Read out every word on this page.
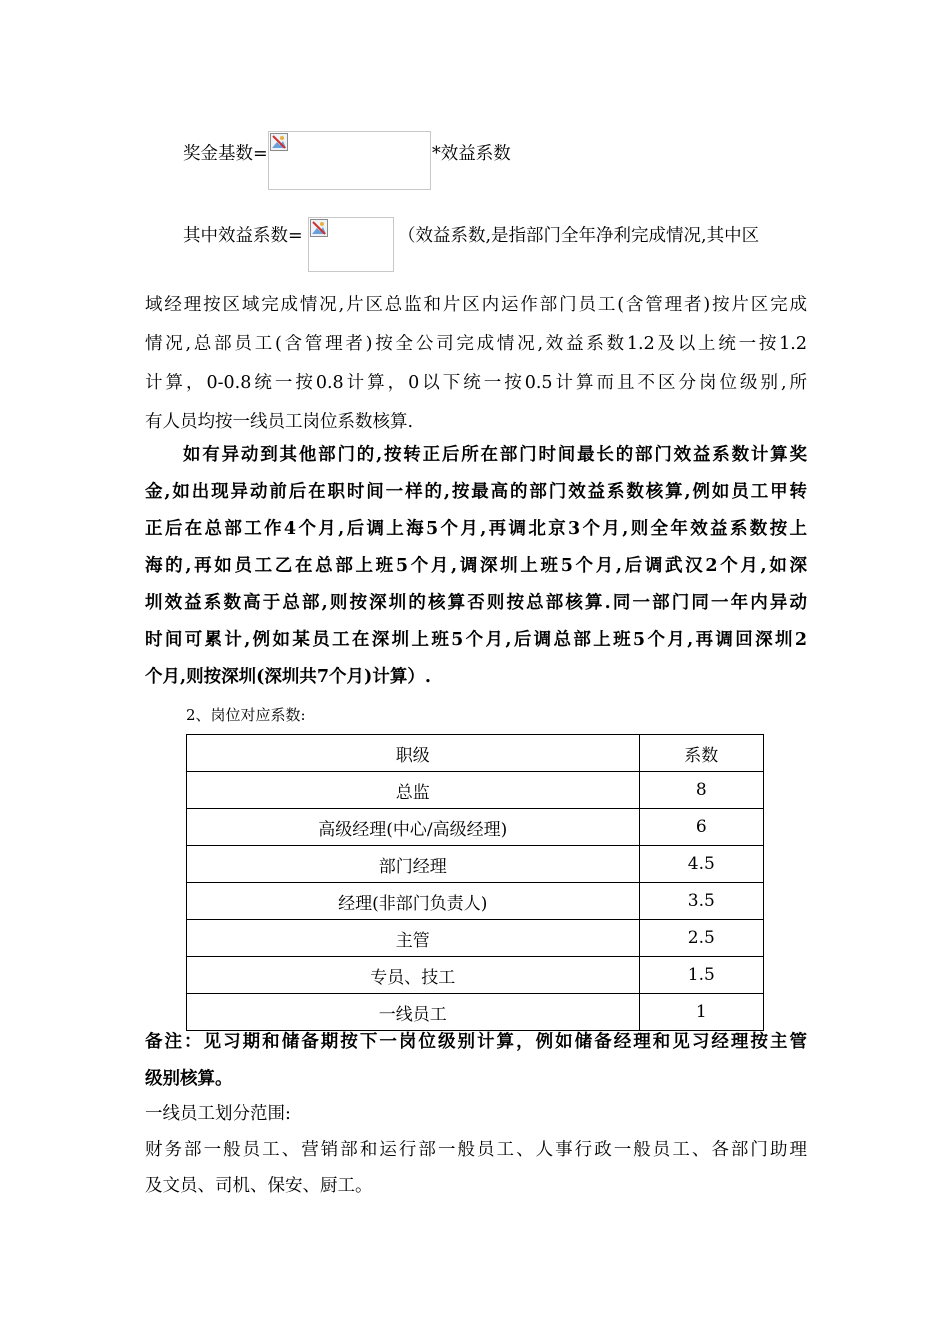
奖金基数=	*效益系数
其中效益系数=	（效益系数,是指部门全年净利完成情况,其中区
域经理按区域完成情况,片区总监和片区内运作部门员工(含管理者)按片区完成
情况,总部员工(含管理者)按全公司完成情况,效益系数1.2及以上统一按1.2
计算，0-0.8统一按0.8计算，0以下统一按0.5计算而且不区分岗位级别,所
有人员均按一线员工岗位系数核算.
如有异动到其他部门的,按转正后所在部门时间最长的部门效益系数计算奖
金,如出现异动前后在职时间一样的,按最高的部门效益系数核算,例如员工甲转
正后在总部工作4个月,后调上海5个月,再调北京3个月,则全年效益系数按上
海的,再如员工乙在总部上班5个月,调深圳上班5个月,后调武汉2个月,如深
圳效益系数高于总部,则按深圳的核算否则按总部核算.同一部门同一年内异动
时间可累计,例如某员工在深圳上班5个月,后调总部上班5个月,再调回深圳2
个月,则按深圳(深圳共7个月)计算）.
2、岗位对应系数:
职级	系数
总监	8
高级经理(中心/高级经理)	6
部门经理	4.5
经理(非部门负责人)	3.5
主管	2.5
专员、技工	1.5
一线员工	1
备注：见习期和储备期按下一岗位级别计算，例如储备经理和见习经理按主管
级别核算。
一线员工划分范围:
财务部一般员工、营销部和运行部一般员工、人事行政一般员工、各部门助理
及文员、司机、保安、厨工。
